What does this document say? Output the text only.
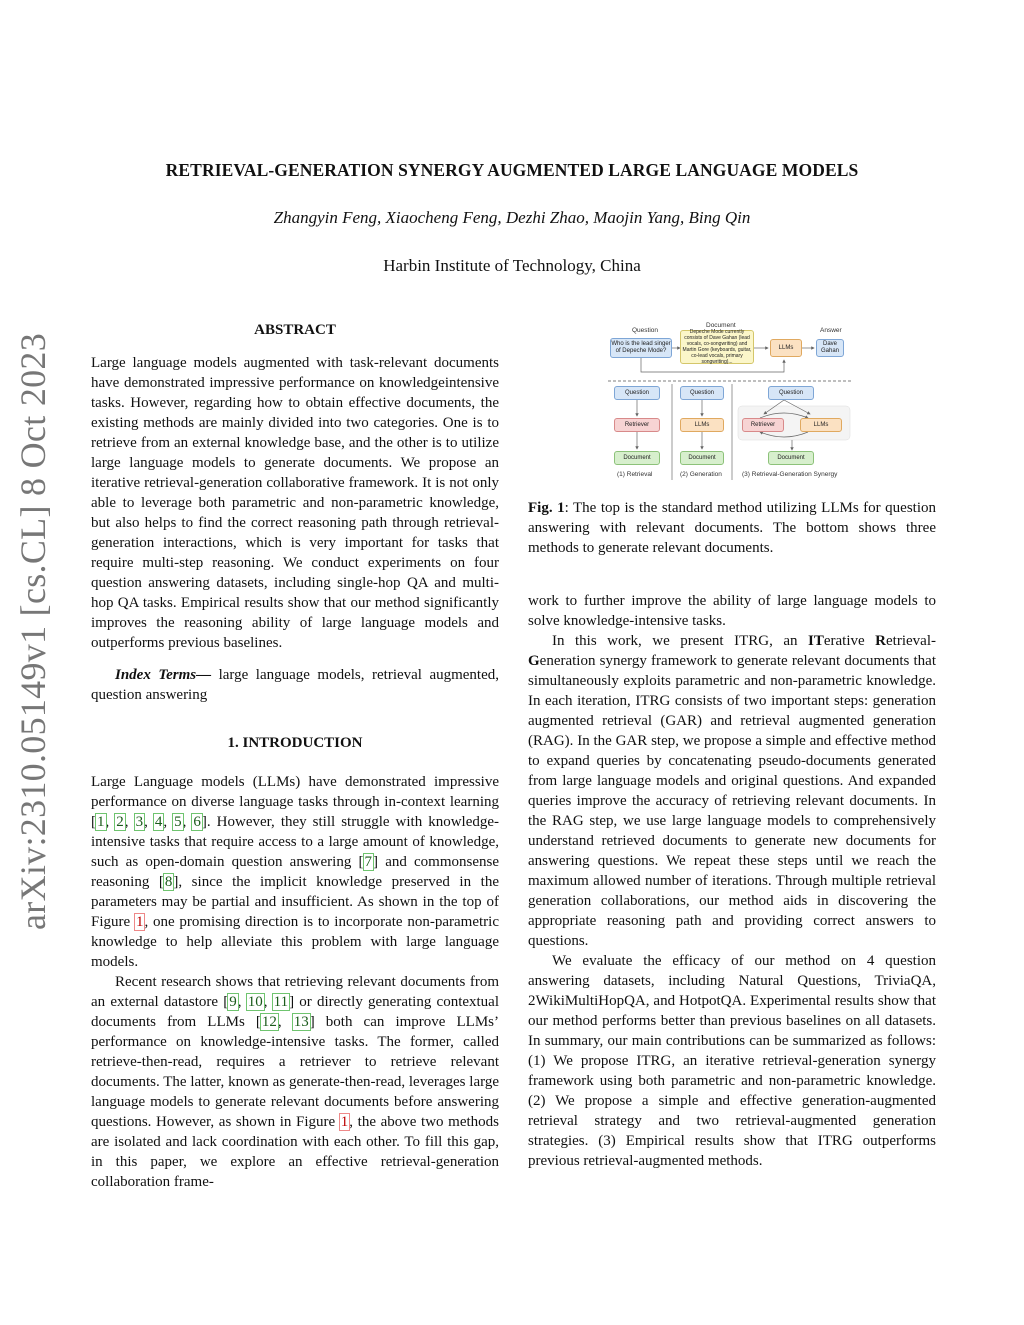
arXiv:2310.05149v1 [cs.CL] 8 Oct 2023
RETRIEVAL-GENERATION SYNERGY AUGMENTED LARGE LANGUAGE MODELS
Zhangyin Feng, Xiaocheng Feng, Dezhi Zhao, Maojin Yang, Bing Qin
Harbin Institute of Technology, China
ABSTRACT

Large language models augmented with task-relevant documents have demonstrated impressive performance on knowledgeintensive tasks. However, regarding how to obtain effective documents, the existing methods are mainly divided into two categories. One is to retrieve from an external knowledge base, and the other is to utilize large language models to generate documents. We propose an iterative retrieval-generation collaborative framework. It is not only able to leverage both parametric and non-parametric knowledge, but also helps to find the correct reasoning path through retrieval-generation interactions, which is very important for tasks that require multi-step reasoning. We conduct experiments on four question answering datasets, including single-hop QA and multi-hop QA tasks. Empirical results show that our method significantly improves the reasoning ability of large language models and outperforms previous baselines.

Index Terms— large language models, retrieval augmented, question answering

1. INTRODUCTION

Large Language models (LLMs) have demonstrated impressive performance on diverse language tasks through in-context learning [1, 2, 3, 4, 5, 6]. However, they still struggle with knowledge-intensive tasks that require access to a large amount of knowledge, such as open-domain question answering [7] and commonsense reasoning [8], since the implicit knowledge preserved in the parameters may be partial and insufficient. As shown in the top of Figure 1, one promising direction is to incorporate non-parametric knowledge to help alleviate this problem with large language models.

Recent research shows that retrieving relevant documents from an external datastore [9, 10, 11] or directly generating contextual documents from LLMs [12, 13] both can improve LLMs’ performance on knowledge-intensive tasks. The former, called retrieve-then-read, requires a retriever to retrieve relevant documents. The latter, known as generate-then-read, leverages large language models to generate relevant documents before answering questions. However, as shown in Figure 1, the above two methods are isolated and lack coordination with each other. To fill this gap, in this paper, we explore an effective retrieval-generation collaboration frame-

Question
Document
Answer
Who is the lead singer of Depeche Mode?
Depeche Mode currently consists of Dave Gahan (lead vocals, co-songwriting) and Martin Gore (keyboards, guitar, co-lead vocals, primary songwriting)...
LLMs
Dave Gahan
Question
Retriever
Document
(1) Retrieval
Question
LLMs
Document
(2) Generation
Question
Retriever	LLMs
Document
(3) Retrieval-Generation Synergy
Fig. 1: The top is the standard method utilizing LLMs for question answering with relevant documents. The bottom shows three methods to generate relevant documents.

work to further improve the ability of large language models to solve knowledge-intensive tasks.

In this work, we present ITRG, an ITerative Retrieval-Generation synergy framework to generate relevant documents that simultaneously exploits parametric and non-parametric knowledge. In each iteration, ITRG consists of two important steps: generation augmented retrieval (GAR) and retrieval augmented generation (RAG). In the GAR step, we propose a simple and effective method to expand queries by concatenating pseudo-documents generated from large language models and original questions. And expanded queries improve the accuracy of retrieving relevant documents. In the RAG step, we use large language models to comprehensively understand retrieved documents to generate new documents for answering questions. We repeat these steps until we reach the maximum allowed number of iterations. Through multiple retrieval generation collaborations, our method aids in discovering the appropriate reasoning path and providing correct answers to questions.

We evaluate the efficacy of our method on 4 question answering datasets, including Natural Questions, TriviaQA, 2WikiMultiHopQA, and HotpotQA. Experimental results show that our method performs better than previous baselines on all datasets. In summary, our main contributions can be summarized as follows: (1) We propose ITRG, an iterative retrieval-generation synergy framework using both parametric and non-parametric knowledge. (2) We propose a simple and effective generation-augmented retrieval strategy and two retrieval-augmented generation strategies. (3) Empirical results show that ITRG outperforms previous retrieval-augmented methods.
